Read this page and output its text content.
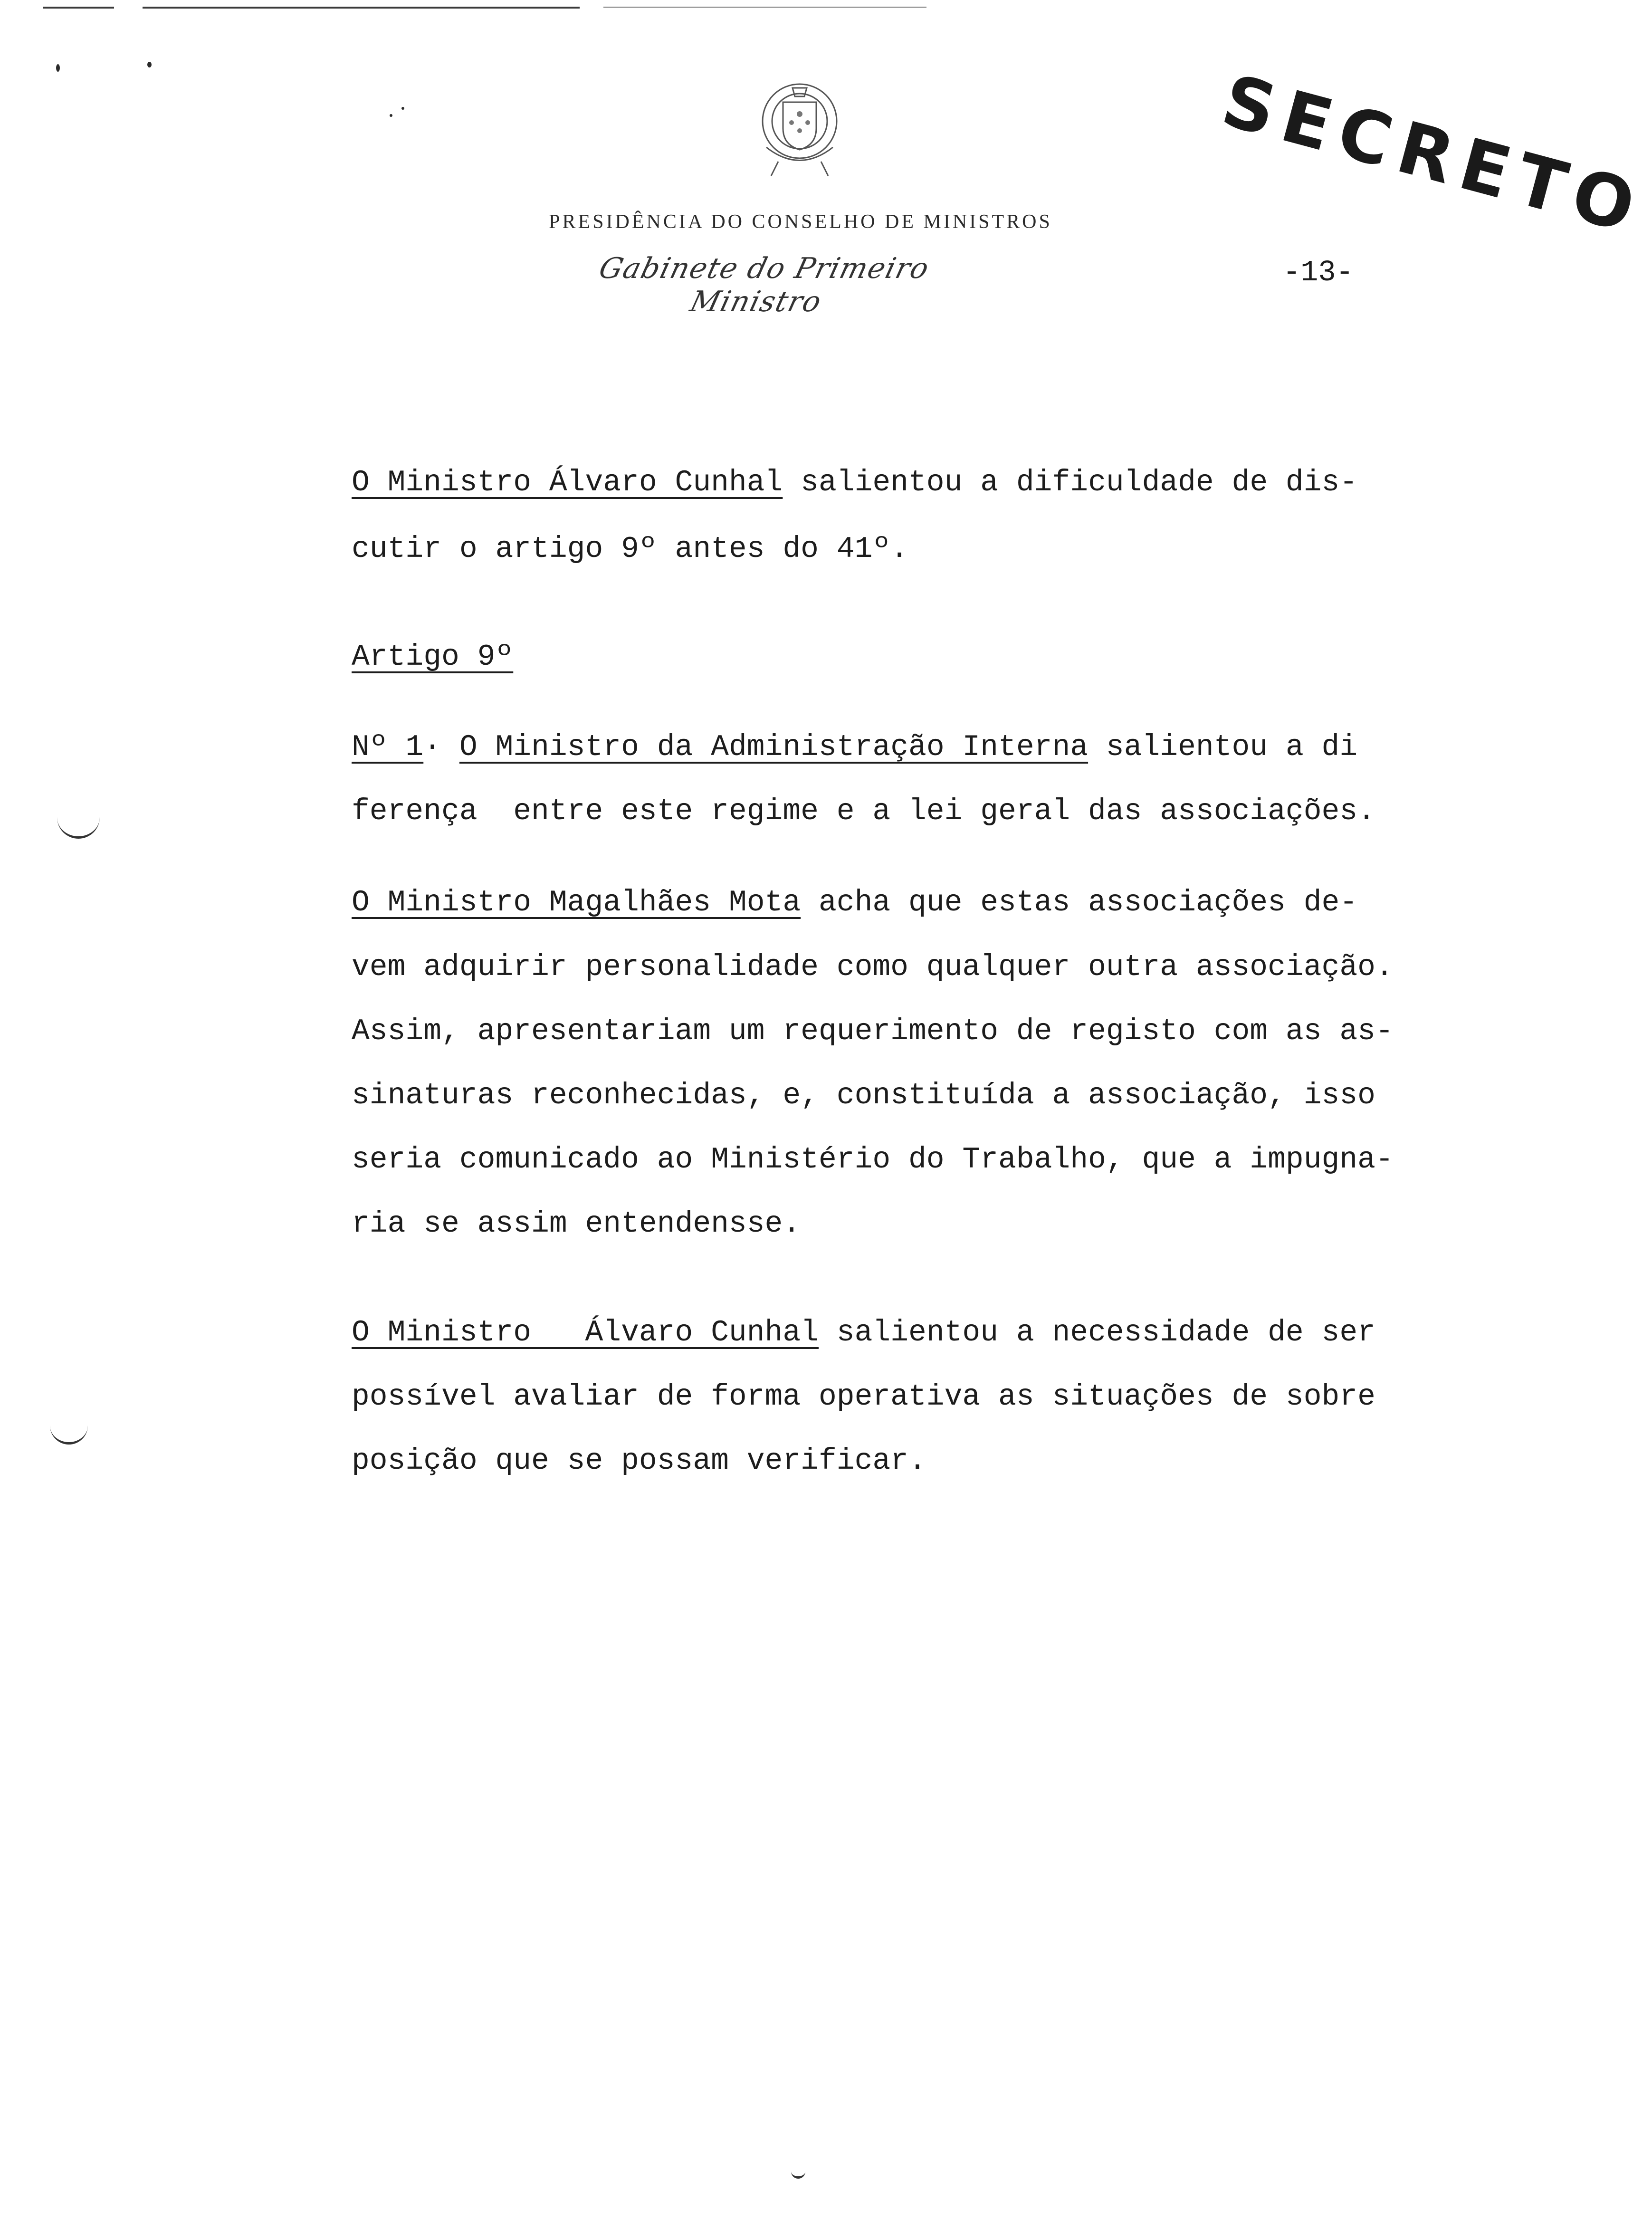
PRESIDÊNCIA DO CONSELHO DE MINISTROS
Gabinete do Primeiro Ministro
-13-
SECRETO
O Ministro Álvaro Cunhal salientou a dificuldade de dis-
cutir o artigo 9º antes do 41º.
Artigo 9º
Nº 1· O Ministro da Administração Interna salientou a di
ferença  entre este regime e a lei geral das associações.
O Ministro Magalhães Mota acha que estas associações de-
vem adquirir personalidade como qualquer outra associação.
Assim, apresentariam um requerimento de registo com as as-
sinaturas reconhecidas, e, constituída a associação, isso
seria comunicado ao Ministério do Trabalho, que a impugna-
ria se assim entendensse.
O Ministro   Álvaro Cunhal salientou a necessidade de ser
possível avaliar de forma operativa as situações de sobre
posição que se possam verificar.
